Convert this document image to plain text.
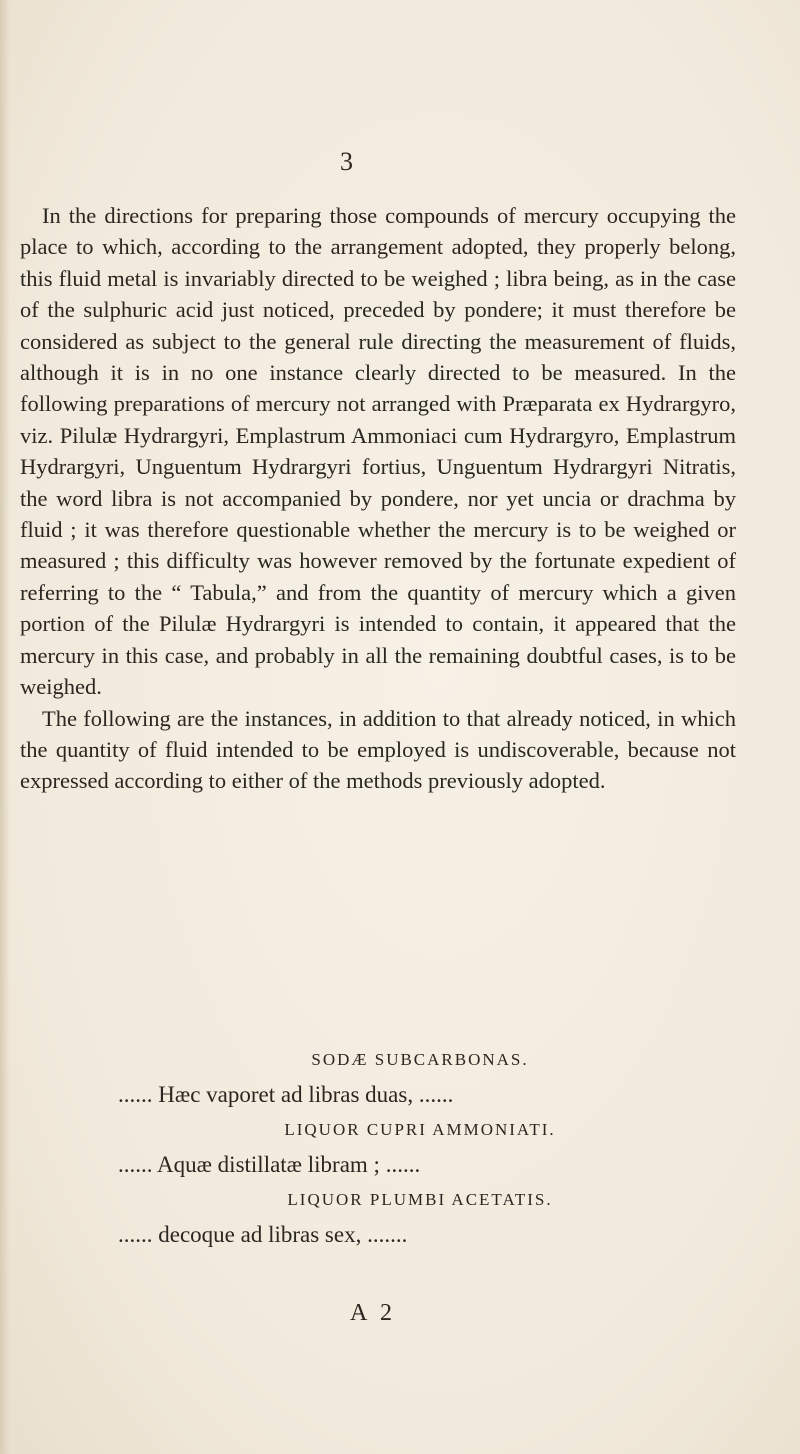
3

In the directions for preparing those compounds of mercury occupying the place to which, according to the arrangement adopted, they properly belong, this fluid metal is invariably directed to be weighed ; libra being, as in the case of the sulphuric acid just noticed, preceded by pondere; it must therefore be considered as subject to the general rule directing the measurement of fluids, although it is in no one instance clearly directed to be measured. In the following preparations of mercury not arranged with Præparata ex Hydrargyro, viz. Pilulæ Hydrargyri, Emplastrum Ammoniaci cum Hydrargyro, Emplastrum Hydrargyri, Unguentum Hydrargyri fortius, Unguentum Hydrargyri Nitratis, the word libra is not accompanied by pondere, nor yet uncia or drachma by fluid ; it was therefore questionable whether the mercury is to be weighed or measured ; this difficulty was however removed by the fortunate expedient of referring to the “ Tabula,” and from the quantity of mercury which a given portion of the Pilulæ Hydrargyri is intended to contain, it appeared that the mercury in this case, and probably in all the remaining doubtful cases, is to be weighed.

The following are the instances, in addition to that already noticed, in which the quantity of fluid intended to be employed is undiscoverable, because not expressed according to either of the methods previously adopted.

SODÆ SUBCARBONAS.
...... Hæc vaporet ad libras duas, ......
LIQUOR CUPRI AMMONIATI.
...... Aquæ distillatæ libram ; ......
LIQUOR PLUMBI ACETATIS.
...... decoque ad libras sex, .......
A 2
